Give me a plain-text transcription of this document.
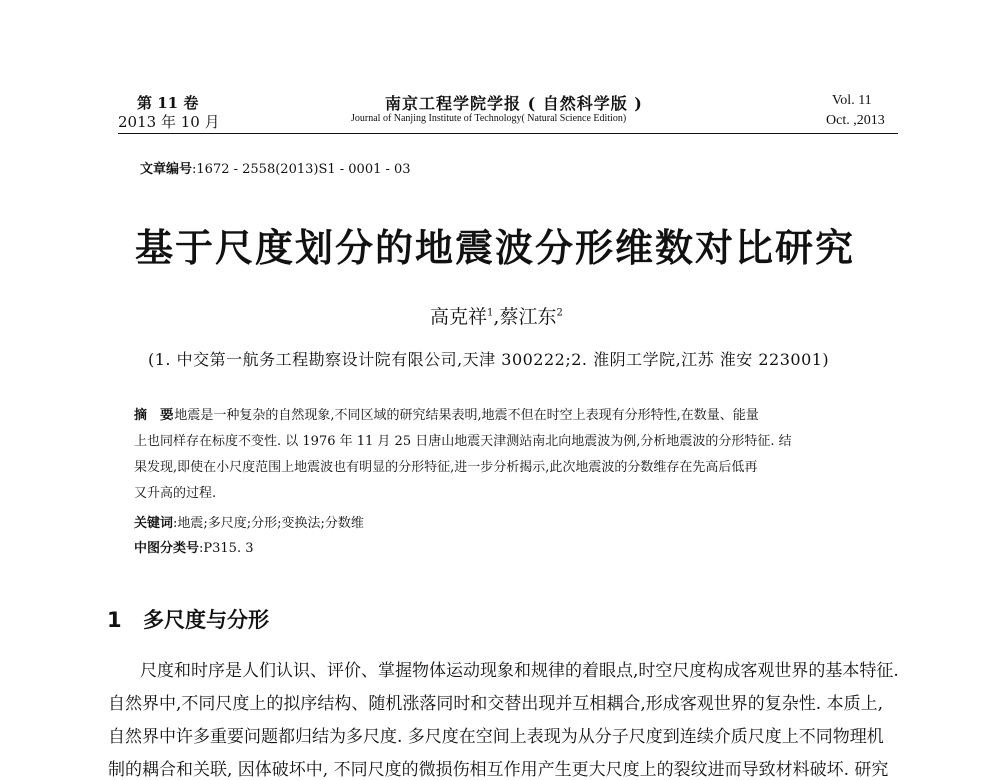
第 11 卷
2013 年 10 月
南京工程学院学报 ( 自然科学版 )
Journal of Nanjing Institute of Technology( Natural Science Edition)
Vol. 11
Oct. ,2013
文章编号:1672 - 2558(2013)S1 - 0001 - 03
基于尺度划分的地震波分形维数对比研究
高克祥$^1$,蔡江东$^2$
(1. 中交第一航务工程勘察设计院有限公司,天津 300222;2. 淮阴工学院,江苏 淮安 223001)
摘　要
:地震是一种复杂的自然现象,不同区域的研究结果表明,地震不但在时空上表现有分形特性,在数量、能量
上也同样存在标度不变性. 以 1976 年 11 月 25 日唐山地震天津测站南北向地震波为例,分析地震波的分形特征. 结
果发现,即使在小尺度范围上地震波也有明显的分形特征,进一步分析揭示,此次地震波的分数维存在先高后低再
又升高的过程.
关键词:地震;多尺度;分形;变换法;分数维
中图分类号:P315. 3
1 多尺度与分形
尺度和时序是人们认识、评价、掌握物体运动现象和规律的着眼点,时空尺度构成客观世界的基本特征.
自然界中,不同尺度上的拟序结构、随机涨落同时和交替出现并互相耦合,形成客观世界的复杂性. 本质上,
自然界中许多重要问题都归结为多尺度. 多尺度在空间上表现为从分子尺度到连续介质尺度上不同物理机
制的耦合和关联, 因体破坏中, 不同尺度的微损伤相互作用产生更大尺度上的裂纹进而导致材料破坏. 研究
